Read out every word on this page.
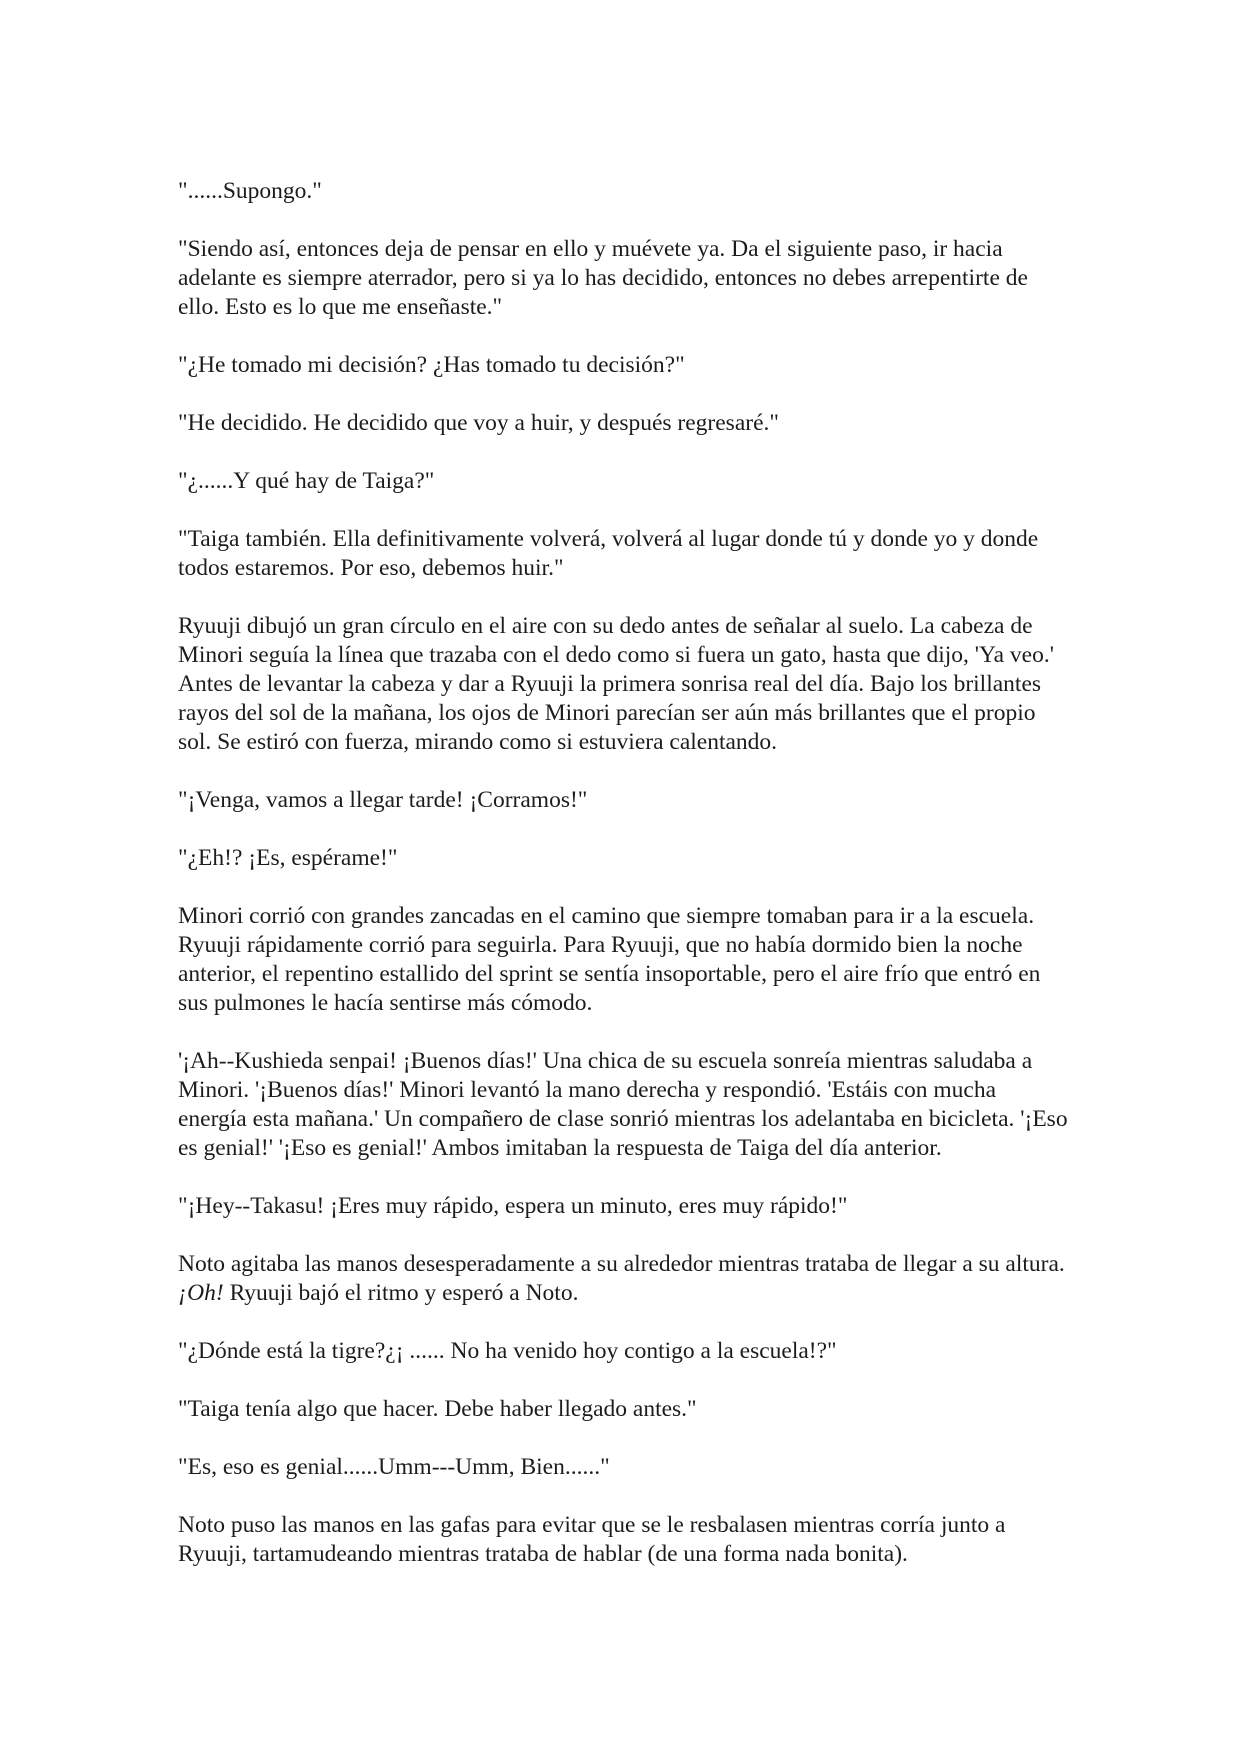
"......Supongo."

"Siendo así, entonces deja de pensar en ello y muévete ya. Da el siguiente paso, ir hacia adelante es siempre aterrador, pero si ya lo has decidido, entonces no debes arrepentirte de ello. Esto es lo que me enseñaste."

"¿He tomado mi decisión? ¿Has tomado tu decisión?"

"He decidido. He decidido que voy a huir, y después regresaré."

"¿......Y qué hay de Taiga?"

"Taiga también. Ella definitivamente volverá, volverá al lugar donde tú y donde yo y donde todos estaremos. Por eso, debemos huir."

Ryuuji dibujó un gran círculo en el aire con su dedo antes de señalar al suelo. La cabeza de Minori seguía la línea que trazaba con el dedo como si fuera un gato, hasta que dijo, 'Ya veo.' Antes de levantar la cabeza y dar a Ryuuji la primera sonrisa real del día. Bajo los brillantes rayos del sol de la mañana, los ojos de Minori parecían ser aún más brillantes que el propio sol. Se estiró con fuerza, mirando como si estuviera calentando.

"¡Venga, vamos a llegar tarde! ¡Corramos!"

"¿Eh!? ¡Es, espérame!"

Minori corrió con grandes zancadas en el camino que siempre tomaban para ir a la escuela. Ryuuji rápidamente corrió para seguirla. Para Ryuuji, que no había dormido bien la noche anterior, el repentino estallido del sprint se sentía insoportable, pero el aire frío que entró en sus pulmones le hacía sentirse más cómodo.

'¡Ah--Kushieda senpai! ¡Buenos días!' Una chica de su escuela sonreía mientras saludaba a Minori. '¡Buenos días!' Minori levantó la mano derecha y respondió. 'Estáis con mucha energía esta mañana.' Un compañero de clase sonrió mientras los adelantaba en bicicleta. '¡Eso es genial!' '¡Eso es genial!' Ambos imitaban la respuesta de Taiga del día anterior.

"¡Hey--Takasu! ¡Eres muy rápido, espera un minuto, eres muy rápido!"

Noto agitaba las manos desesperadamente a su alrededor mientras trataba de llegar a su altura. ¡Oh! Ryuuji bajó el ritmo y esperó a Noto.

"¿Dónde está la tigre?¿¡ ...... No ha venido hoy contigo a la escuela!?"

"Taiga tenía algo que hacer. Debe haber llegado antes."

"Es, eso es genial......Umm---Umm, Bien......"

Noto puso las manos en las gafas para evitar que se le resbalasen mientras corría junto a Ryuuji, tartamudeando mientras trataba de hablar (de una forma nada bonita).
